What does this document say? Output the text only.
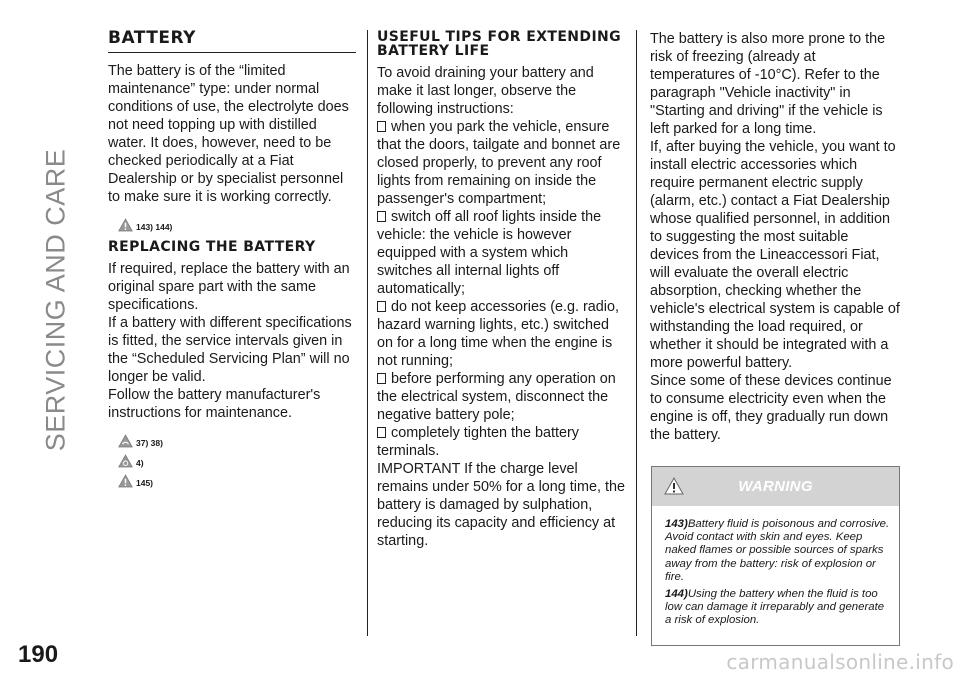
SERVICING AND CARE
190
BATTERY
The battery is of the “limited maintenance” type: under normal conditions of use, the electrolyte does not need topping up with distilled water. It does, however, need to be checked periodically at a Fiat Dealership or by specialist personnel to make sure it is working correctly.
143) 144)
REPLACING THE BATTERY
If required, replace the battery with an original spare part with the same specifications.
If a battery with different specifications is fitted, the service intervals given in the “Scheduled Servicing Plan” will no longer be valid.
Follow the battery manufacturer's instructions for maintenance.
37) 38)
4)
145)
USEFUL TIPS FOR EXTENDING BATTERY LIFE
To avoid draining your battery and make it last longer, observe the following instructions:
when you park the vehicle, ensure that the doors, tailgate and bonnet are closed properly, to prevent any roof lights from remaining on inside the passenger's compartment;
switch off all roof lights inside the vehicle: the vehicle is however equipped with a system which switches all internal lights off automatically;
do not keep accessories (e.g. radio, hazard warning lights, etc.) switched on for a long time when the engine is not running;
before performing any operation on the electrical system, disconnect the negative battery pole;
completely tighten the battery terminals.
IMPORTANT If the charge level remains under 50% for a long time, the battery is damaged by sulphation, reducing its capacity and efficiency at starting.
The battery is also more prone to the risk of freezing (already at temperatures of -10°C). Refer to the paragraph "Vehicle inactivity" in "Starting and driving" if the vehicle is left parked for a long time.
If, after buying the vehicle, you want to install electric accessories which require permanent electric supply (alarm, etc.) contact a Fiat Dealership whose qualified personnel, in addition to suggesting the most suitable devices from the Lineaccessori Fiat, will evaluate the overall electric absorption, checking whether the vehicle's electrical system is capable of withstanding the load required, or whether it should be integrated with a more powerful battery.
Since some of these devices continue to consume electricity even when the engine is off, they gradually run down the battery.
WARNING
143)Battery fluid is poisonous and corrosive. Avoid contact with skin and eyes. Keep naked flames or possible sources of sparks away from the battery: risk of explosion or fire.
144)Using the battery when the fluid is too low can damage it irreparably and generate a risk of explosion.
carmanualsonline.info
